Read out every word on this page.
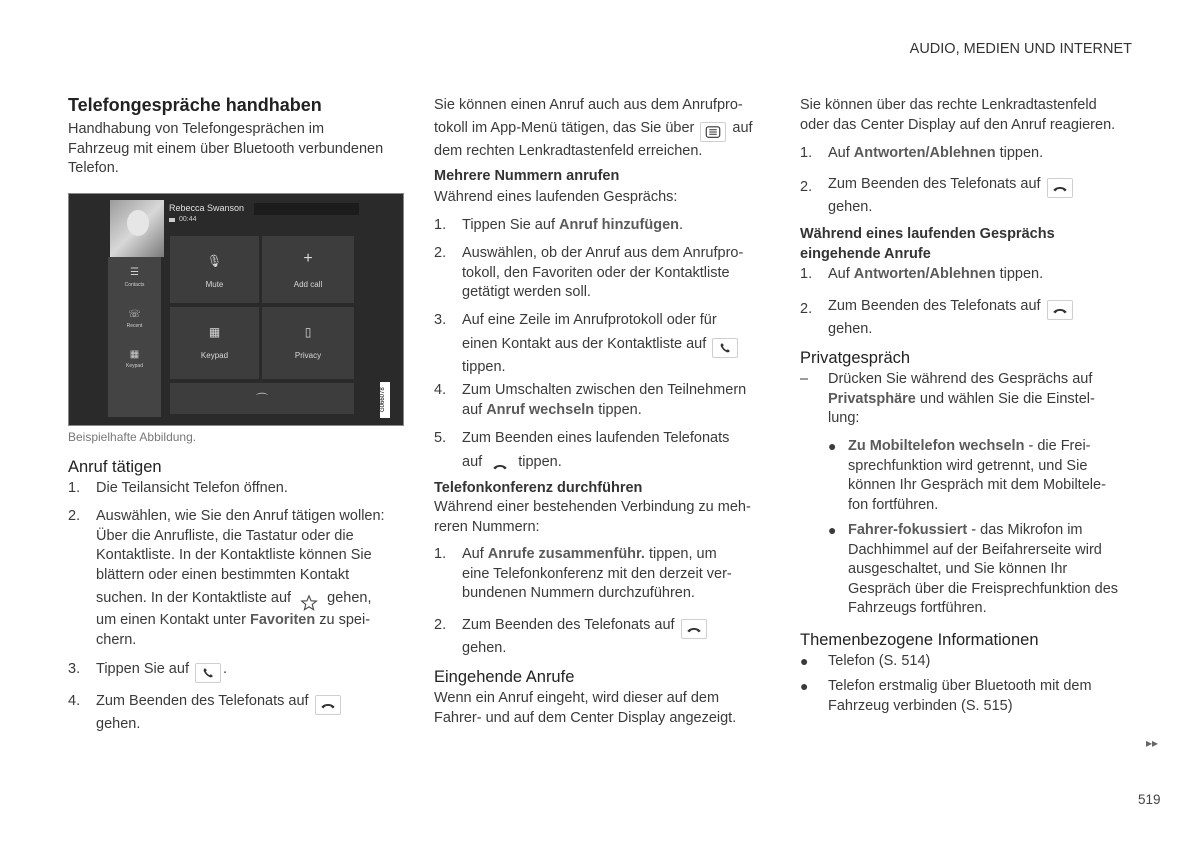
AUDIO, MEDIEN UND INTERNET
Telefongespräche handhaben
Handhabung von Telefongesprächen im Fahrzeug mit einem über Bluetooth verbundenen Telefon.
☰
Contacts
☏
Recent
▦
Keypad
Rebecca Swanson
00:44
🎙
Mute
+
Add call
▦
Keypad
▯
Privacy
⌒	G066078
Beispielhafte Abbildung.
Anruf tätigen
1.	Die Teilansicht Telefon öffnen.
2.	Auswählen, wie Sie den Anruf tätigen wollen:
Über die Anrufliste, die Tastatur oder die
Kontaktliste. In der Kontaktliste können Sie
blättern oder einen bestimmten Kontakt
suchen. In der Kontaktliste auf gehen,
um einen Kontakt unter Favoriten zu spei-
chern.
3.	Tippen Sie auf .
4.	Zum Beenden des Telefonats auf
gehen.
Sie können einen Anruf auch aus dem Anrufpro-
tokoll im App-Menü tätigen, das Sie über	auf
dem rechten Lenkradtastenfeld erreichen.
Mehrere Nummern anrufen
Während eines laufenden Gesprächs:
1.	Tippen Sie auf Anruf hinzufügen.
2.	Auswählen, ob der Anruf aus dem Anrufpro-
tokoll, den Favoriten oder der Kontaktliste
getätigt werden soll.
3.	Auf eine Zeile im Anrufprotokoll oder für
einen Kontakt aus der Kontaktliste auf
tippen.
4.	Zum Umschalten zwischen den Teilnehmern
auf Anruf wechseln tippen.
5.	Zum Beenden eines laufenden Telefonats
auf tippen.
Telefonkonferenz durchführen
Während einer bestehenden Verbindung zu meh-
reren Nummern:
1.	Auf Anrufe zusammenführ. tippen, um
eine Telefonkonferenz mit den derzeit ver-
bundenen Nummern durchzuführen.
2.	Zum Beenden des Telefonats auf
gehen.
Eingehende Anrufe
Wenn ein Anruf eingeht, wird dieser auf dem
Fahrer- und auf dem Center Display angezeigt.
Sie können über das rechte Lenkradtastenfeld
oder das Center Display auf den Anruf reagieren.
1.	Auf Antworten/Ablehnen tippen.
2.	Zum Beenden des Telefonats auf
gehen.
Während eines laufenden Gesprächs
eingehende Anrufe
1.	Auf Antworten/Ablehnen tippen.
2.	Zum Beenden des Telefonats auf
gehen.
Privatgespräch
–	Drücken Sie während des Gesprächs auf
Privatsphäre und wählen Sie die Einstel-
lung:
● Zu Mobiltelefon wechseln - die Frei-
sprechfunktion wird getrennt, und Sie
können Ihr Gespräch mit dem Mobiltele-
fon fortführen.
● Fahrer-fokussiert - das Mikrofon im
Dachhimmel auf der Beifahrerseite wird
ausgeschaltet, und Sie können Ihr
Gespräch über die Freisprechfunktion des
Fahrzeugs fortführen.
Themenbezogene Informationen
● Telefon (S. 514)
● Telefon erstmalig über Bluetooth mit dem
Fahrzeug verbinden (S. 515)
▸▸
519
